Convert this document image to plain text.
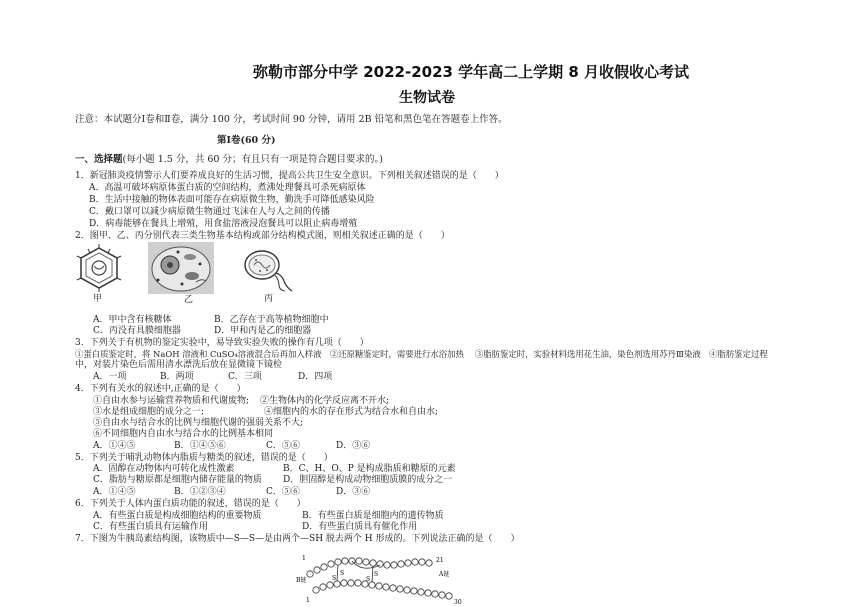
弥勒市部分中学 2022-2023 学年高二上学期 8 月收假收心考试
生物试卷
注意：本试题分Ⅰ卷和Ⅱ卷，满分 100 分，考试时间 90 分钟，请用 2B 铅笔和黑色笔在答题卷上作答。
第Ⅰ卷(60 分)
一、选择题(每小题 1.5 分，共 60 分；有且只有一项是符合题目要求的。)
1．新冠肺炎疫情警示人们要养成良好的生活习惯，提高公共卫生安全意识。下列相关叙述错误的是（　　）
A．高温可破坏病原体蛋白质的空间结构，煮沸处理餐具可杀死病原体
B．生活中接触的物体表面可能存在病原微生物，勤洗手可降低感染风险
C．戴口罩可以减少病原微生物通过飞沫在人与人之间的传播
D．病毒能够在餐具上增殖，用食盐溶液浸泡餐具可以阻止病毒增殖
2．图甲、乙、丙分别代表三类生物基本结构或部分结构模式图，则相关叙述正确的是（　　）
甲	乙	丙
A．甲中含有核糖体	B．乙存在于高等植物细胞中
C．丙没有具膜细胞器	D．甲和丙是乙的细胞器
3．下列关于有机物的鉴定实验中，易导致实验失败的操作有几项（　　）
①蛋白质鉴定时，将 NaOH 溶液和 CuSO₄溶液混合后再加入样液　②还原糖鉴定时，需要进行水浴加热　 ③脂肪鉴定时，实验材料选用花生油，染色剂选用苏丹Ⅲ染液　④脂肪鉴定过程
中，对装片染色后需用清水漂洗后放在显微镜下镜检
A．一项	B．两项	C．三项	D．四项
4．下列有关水的叙述中,正确的是（　　）
①自由水参与运输营养物质和代谢废物; ②生物体内的化学反应离不开水;
③水是组成细胞的成分之一;	④细胞内的水的存在形式为结合水和自由水;
⑤自由水与结合水的比例与细胞代谢的强弱关系不大;
⑥不同细胞内自由水与结合水的比例基本相同
A．①④⑤	B．①④⑤⑥	C．⑤⑥	D．③⑥
5．下列关于哺乳动物体内脂质与糖类的叙述，错误的是（　　）
A．固醇在动物体内可转化成性激素	B．C、H、O、P 是构成脂质和糖原的元素
C．脂肪与糖原都是细胞内储存能量的物质 D．胆固醇是构成动物细胞质膜的成分之一
A．①④⑤	B．①②③④	C．⑤⑥	D．③⑥
6．下列关于人体内蛋白质功能的叙述，错误的是（　　）
A．有些蛋白质是构成细胞结构的重要物质	B．有些蛋白质是细胞内的遗传物质
C．有些蛋白质具有运输作用	D．有些蛋白质具有催化作用
7．下图为牛胰岛素结构图，该物质中—S—S—是由两个—SH 脱去两个 H 形成的。下列说法正确的是（　　）
1	21
S	S	A链
S	S
B链
1	30
